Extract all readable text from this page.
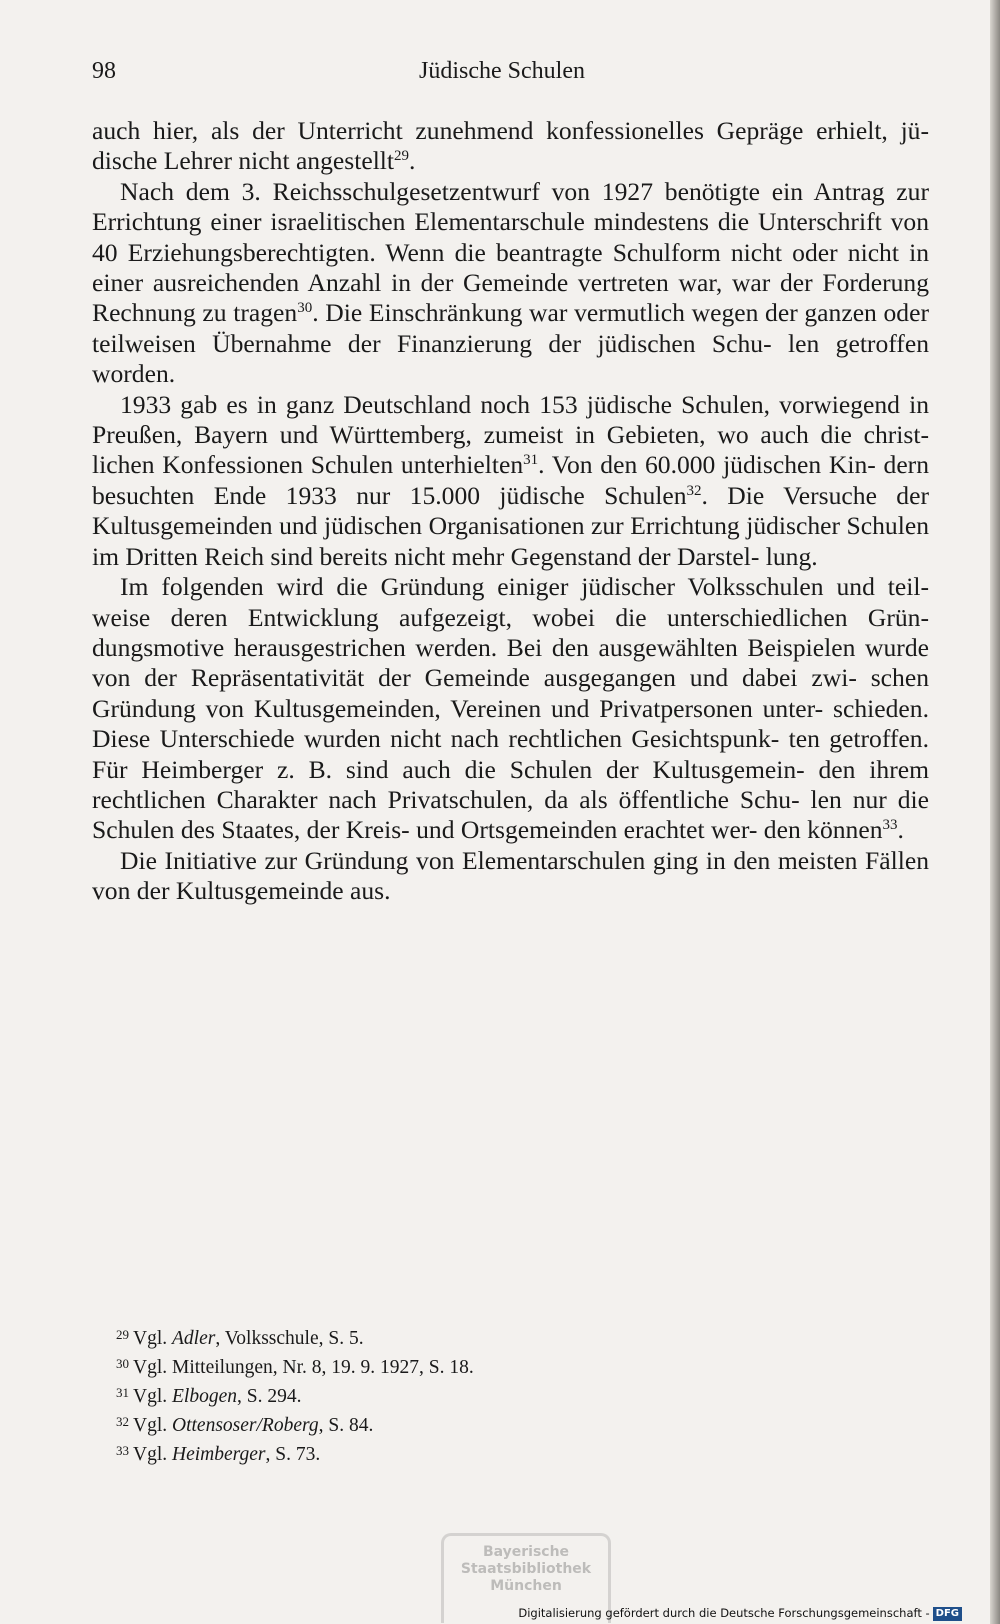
98	Jüdische Schulen

auch hier, als der Unterricht zunehmend konfessionelles Gepräge erhielt, jü- dische Lehrer nicht angestellt$^{29}$.

Nach dem 3. Reichsschulgesetzentwurf von 1927 benötigte ein Antrag zur Errichtung einer israelitischen Elementarschule mindestens die Unterschrift von 40 Erziehungsberechtigten. Wenn die beantragte Schulform nicht oder nicht in einer ausreichenden Anzahl in der Gemeinde vertreten war, war der Forderung Rechnung zu tragen$^{30}$. Die Einschränkung war vermutlich wegen der ganzen oder teilweisen Übernahme der Finanzierung der jüdischen Schu- len getroffen worden.

1933 gab es in ganz Deutschland noch 153 jüdische Schulen, vorwiegend in Preußen, Bayern und Württemberg, zumeist in Gebieten, wo auch die christ- lichen Konfessionen Schulen unterhielten$^{31}$. Von den 60.000 jüdischen Kin- dern besuchten Ende 1933 nur 15.000 jüdische Schulen$^{32}$. Die Versuche der Kultusgemeinden und jüdischen Organisationen zur Errichtung jüdischer Schulen im Dritten Reich sind bereits nicht mehr Gegenstand der Darstel- lung.

Im folgenden wird die Gründung einiger jüdischer Volksschulen und teil- weise deren Entwicklung aufgezeigt, wobei die unterschiedlichen Grün- dungsmotive herausgestrichen werden. Bei den ausgewählten Beispielen wurde von der Repräsentativität der Gemeinde ausgegangen und dabei zwi- schen Gründung von Kultusgemeinden, Vereinen und Privatpersonen unter- schieden. Diese Unterschiede wurden nicht nach rechtlichen Gesichtspunk- ten getroffen. Für Heimberger z. B. sind auch die Schulen der Kultusgemein- den ihrem rechtlichen Charakter nach Privatschulen, da als öffentliche Schu- len nur die Schulen des Staates, der Kreis- und Ortsgemeinden erachtet wer- den können$^{33}$.

Die Initiative zur Gründung von Elementarschulen ging in den meisten Fällen von der Kultusgemeinde aus.

$^{29}$ Vgl. Adler, Volksschule, S. 5.
$^{30}$ Vgl. Mitteilungen, Nr. 8, 19. 9. 1927, S. 18.
$^{31}$ Vgl. Elbogen, S. 294.
$^{32}$ Vgl. Ottensoser/Roberg, S. 84.
$^{33}$ Vgl. Heimberger, S. 73.
Bayerische
Staatsbibliothek
München
Digitalisierung gefördert durch die Deutsche Forschungsgemeinschaft - DFG
